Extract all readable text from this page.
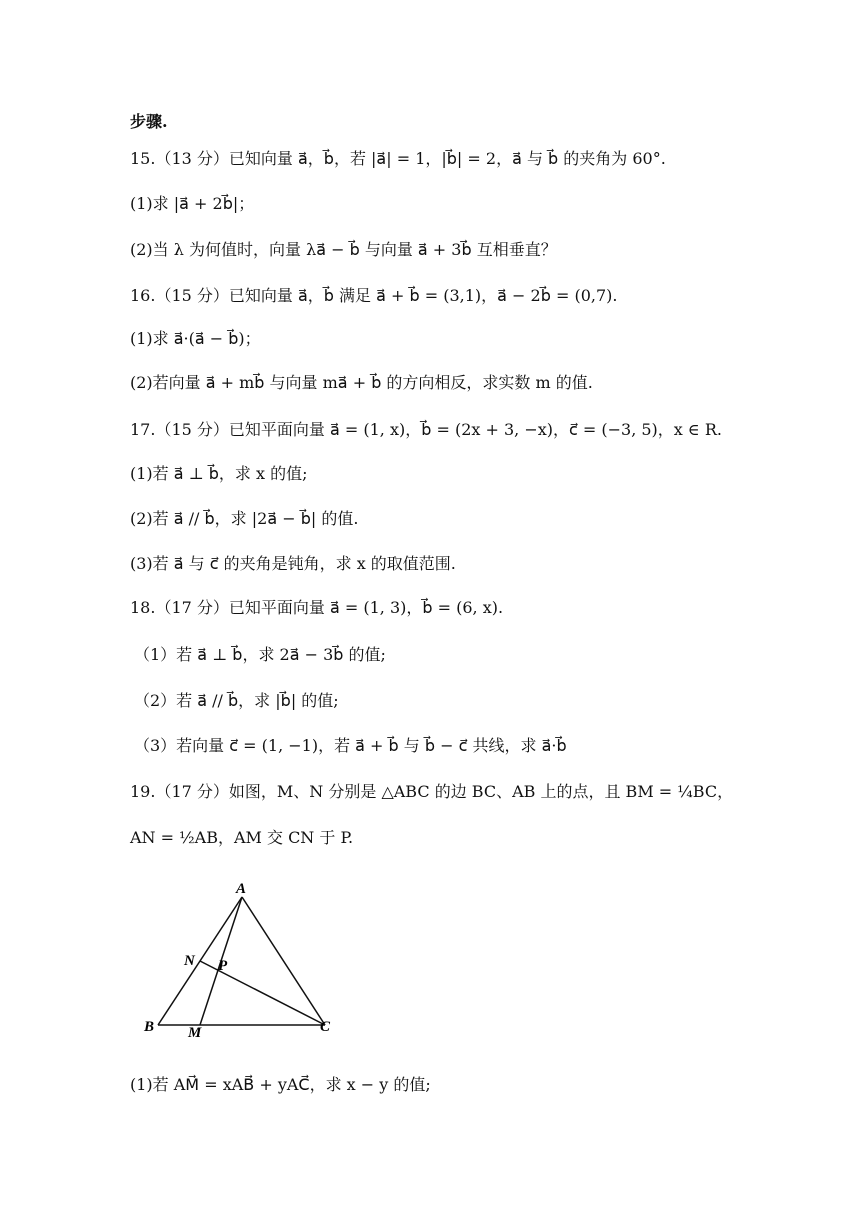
步骤.
15.（13 分）已知向量 a⃗，b⃗，若 |a⃗| = 1，|b⃗| = 2，a⃗ 与 b⃗ 的夹角为 60°.
(1)求 |a⃗ + 2b⃗|；
(2)当 λ 为何值时，向量 λa⃗ − b⃗ 与向量 a⃗ + 3b⃗ 互相垂直？
16.（15 分）已知向量 a⃗，b⃗ 满足 a⃗ + b⃗ = (3,1)，a⃗ − 2b⃗ = (0,7).
(1)求 a⃗·(a⃗ − b⃗)；
(2)若向量 a⃗ + mb⃗ 与向量 ma⃗ + b⃗ 的方向相反，求实数 m 的值.
17.（15 分）已知平面向量 a⃗ = (1, x)，b⃗ = (2x + 3, −x)，c⃗ = (−3, 5)，x ∈ R.
(1)若 a⃗ ⊥ b⃗，求 x 的值;
(2)若 a⃗ // b⃗，求 |2a⃗ − b⃗| 的值.
(3)若 a⃗ 与 c⃗ 的夹角是钝角，求 x 的取值范围.
18.（17 分）已知平面向量 a⃗ = (1, 3)，b⃗ = (6, x).
（1）若 a⃗ ⊥ b⃗，求 2a⃗ − 3b⃗ 的值;
（2）若 a⃗ // b⃗，求 |b⃗| 的值;
（3）若向量 c⃗ = (1, −1)，若 a⃗ + b⃗ 与 b⃗ − c⃗ 共线，求 a⃗·b⃗
19.（17 分）如图，M、N 分别是 △ABC 的边 BC、AB 上的点，且 BM = ¼BC，
AN = ½AB，AM 交 CN 于 P.
A
B	C
M
N P
(1)若 AM⃗ = xAB⃗ + yAC⃗，求 x − y 的值;
